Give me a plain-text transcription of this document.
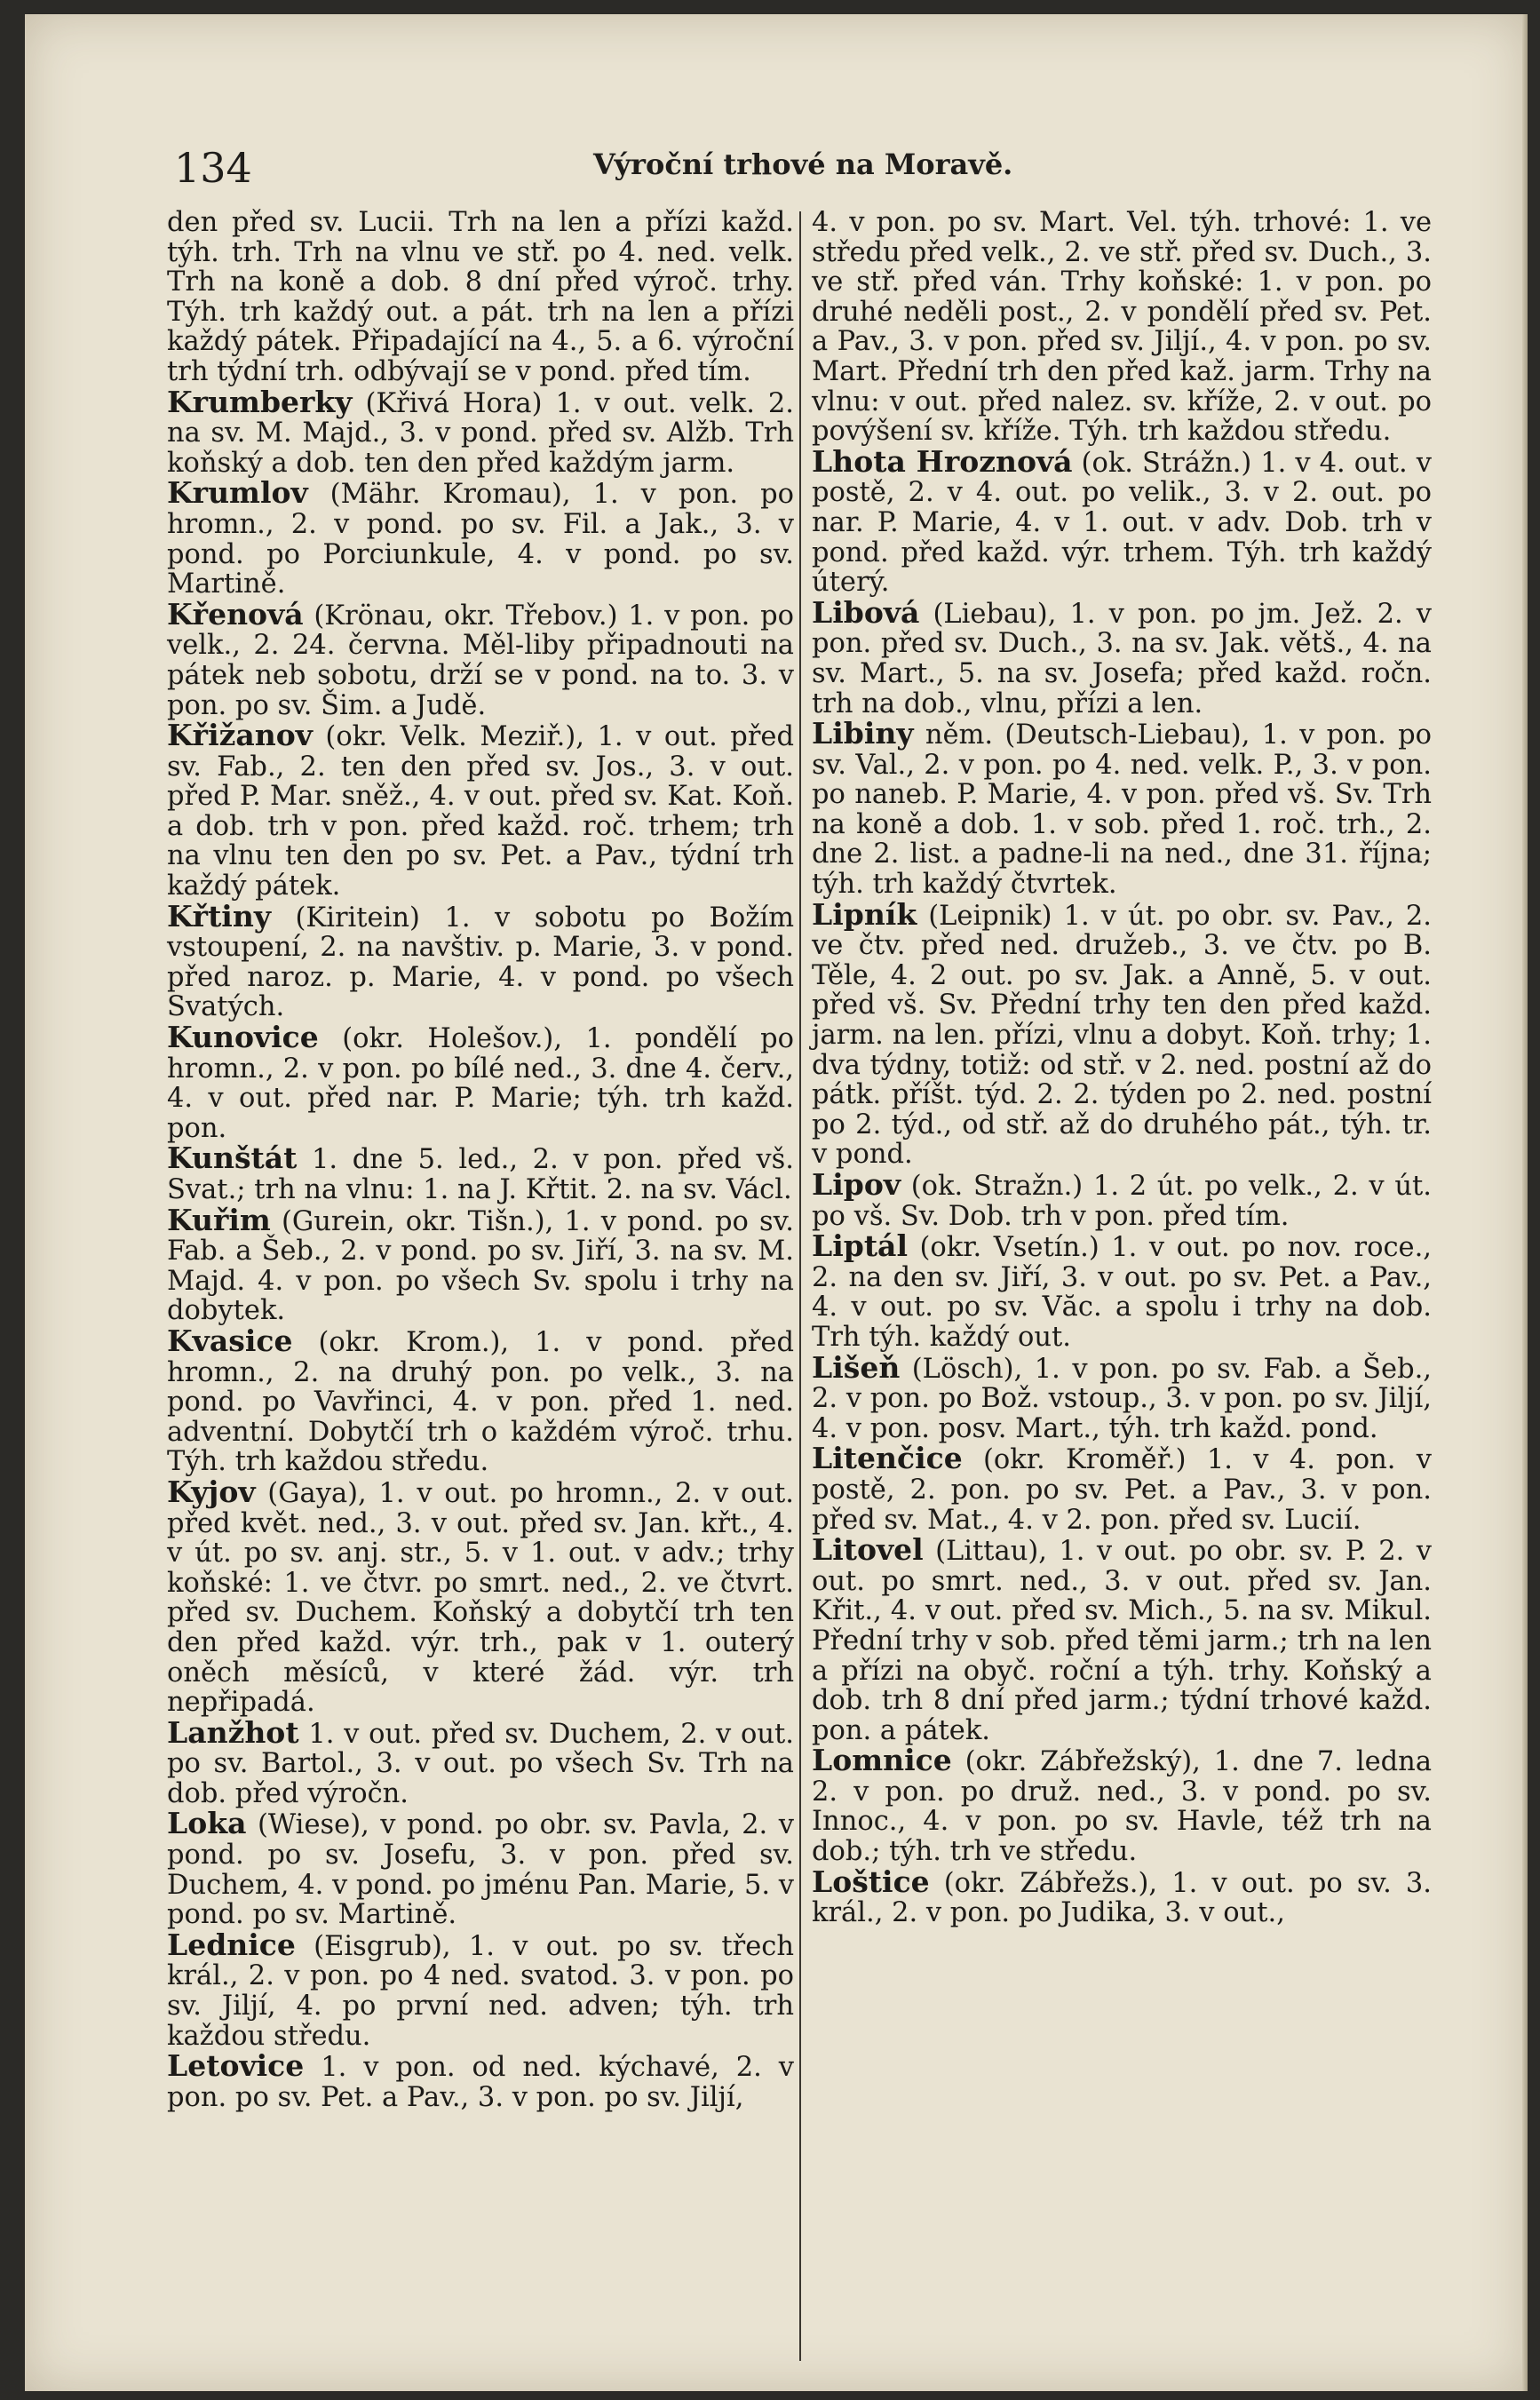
134	Výroční trhové na Moravě.

den před sv. Lucii. Trh na len a přízi každ. týh. trh. Trh na vlnu ve stř. po 4. ned. velk. Trh na koně a dob. 8 dní před výroč. trhy. Týh. trh každý out. a pát. trh na len a přízi každý pátek. Připadající na 4., 5. a 6. výroční trh týdní trh. odbývají se v pond. před tím.

Krumberky (Křivá Hora) 1. v out. velk. 2. na sv. M. Majd., 3. v pond. před sv. Alžb. Trh koňský a dob. ten den před každým jarm.

Krumlov (Mähr. Kromau), 1. v pon. po hromn., 2. v pond. po sv. Fil. a Jak., 3. v pond. po Porciunkule, 4. v pond. po sv. Martině.

Křenová (Krönau, okr. Třebov.) 1. v pon. po velk., 2. 24. června. Měl-liby připadnouti na pátek neb sobotu, drží se v pond. na to. 3. v pon. po sv. Šim. a Judě.

Křižanov (okr. Velk. Meziř.), 1. v out. před sv. Fab., 2. ten den před sv. Jos., 3. v out. před P. Mar. sněž., 4. v out. před sv. Kat. Koň. a dob. trh v pon. před každ. roč. trhem; trh na vlnu ten den po sv. Pet. a Pav., týdní trh každý pátek.

Křtiny (Kiritein) 1. v sobotu po Božím vstoupení, 2. na navštiv. p. Marie, 3. v pond. před naroz. p. Marie, 4. v pond. po všech Svatých.

Kunovice (okr. Holešov.), 1. pondělí po hromn., 2. v pon. po bílé ned., 3. dne 4. červ., 4. v out. před nar. P. Marie; týh. trh každ. pon.

Kunštát 1. dne 5. led., 2. v pon. před vš. Svat.; trh na vlnu: 1. na J. Křtit. 2. na sv. Václ.

Kuřim (Gurein, okr. Tišn.), 1. v pond. po sv. Fab. a Šeb., 2. v pond. po sv. Jiří, 3. na sv. M. Majd. 4. v pon. po všech Sv. spolu i trhy na dobytek.

Kvasice (okr. Krom.), 1. v pond. před hromn., 2. na druhý pon. po velk., 3. na pond. po Vavřinci, 4. v pon. před 1. ned. adventní. Dobytčí trh o každém výroč. trhu. Týh. trh každou středu.

Kyjov (Gaya), 1. v out. po hromn., 2. v out. před květ. ned., 3. v out. před sv. Jan. křt., 4. v út. po sv. anj. str., 5. v 1. out. v adv.; trhy koňské: 1. ve čtvr. po smrt. ned., 2. ve čtvrt. před sv. Duchem. Koňský a dobytčí trh ten den před každ. výr. trh., pak v 1. outerý oněch měsíců, v které žád. výr. trh nepřipadá.

Lanžhot 1. v out. před sv. Duchem, 2. v out. po sv. Bartol., 3. v out. po všech Sv. Trh na dob. před výročn.

Loka (Wiese), v pond. po obr. sv. Pavla, 2. v pond. po sv. Josefu, 3. v pon. před sv. Duchem, 4. v pond. po jménu Pan. Marie, 5. v pond. po sv. Martině.

Lednice (Eisgrub), 1. v out. po sv. třech král., 2. v pon. po 4 ned. svatod. 3. v pon. po sv. Jiljí, 4. po první ned. adven; týh. trh každou středu.

Letovice 1. v pon. od ned. kýchavé, 2. v pon. po sv. Pet. a Pav., 3. v pon. po sv. Jiljí,

4. v pon. po sv. Mart. Vel. týh. trhové: 1. ve středu před velk., 2. ve stř. před sv. Duch., 3. ve stř. před ván. Trhy koňské: 1. v pon. po druhé neděli post., 2. v pondělí před sv. Pet. a Pav., 3. v pon. před sv. Jiljí., 4. v pon. po sv. Mart. Přední trh den před kaž. jarm. Trhy na vlnu: v out. před nalez. sv. kříže, 2. v out. po povýšení sv. kříže. Týh. trh každou středu.

Lhota Hroznová (ok. Strážn.) 1. v 4. out. v postě, 2. v 4. out. po velik., 3. v 2. out. po nar. P. Marie, 4. v 1. out. v adv. Dob. trh v pond. před každ. výr. trhem. Týh. trh každý úterý.

Libová (Liebau), 1. v pon. po jm. Jež. 2. v pon. před sv. Duch., 3. na sv. Jak. větš., 4. na sv. Mart., 5. na sv. Josefa; před každ. ročn. trh na dob., vlnu, přízi a len.

Libiny něm. (Deutsch-Liebau), 1. v pon. po sv. Val., 2. v pon. po 4. ned. velk. P., 3. v pon. po naneb. P. Marie, 4. v pon. před vš. Sv. Trh na koně a dob. 1. v sob. před 1. roč. trh., 2. dne 2. list. a padne-li na ned., dne 31. října; týh. trh každý čtvrtek.

Lipník (Leipnik) 1. v út. po obr. sv. Pav., 2. ve čtv. před ned. družeb., 3. ve čtv. po B. Těle, 4. 2 out. po sv. Jak. a Anně, 5. v out. před vš. Sv. Přední trhy ten den před každ. jarm. na len. přízi, vlnu a dobyt. Koň. trhy; 1. dva týdny, totiž: od stř. v 2. ned. postní až do pátk. příšt. týd. 2. 2. týden po 2. ned. postní po 2. týd., od stř. až do druhého pát., týh. tr. v pond.

Lipov (ok. Stražn.) 1. 2 út. po velk., 2. v út. po vš. Sv. Dob. trh v pon. před tím.

Liptál (okr. Vsetín.) 1. v out. po nov. roce., 2. na den sv. Jiří, 3. v out. po sv. Pet. a Pav., 4. v out. po sv. Văc. a spolu i trhy na dob. Trh týh. každý out.

Lišeň (Lösch), 1. v pon. po sv. Fab. a Šeb., 2. v pon. po Bož. vstoup., 3. v pon. po sv. Jiljí, 4. v pon. posv. Mart., týh. trh každ. pond.

Litenčice (okr. Kroměř.) 1. v 4. pon. v postě, 2. pon. po sv. Pet. a Pav., 3. v pon. před sv. Mat., 4. v 2. pon. před sv. Lucií.

Litovel (Littau), 1. v out. po obr. sv. P. 2. v out. po smrt. ned., 3. v out. před sv. Jan. Křit., 4. v out. před sv. Mich., 5. na sv. Mikul. Přední trhy v sob. před těmi jarm.; trh na len a přízi na obyč. roční a týh. trhy. Koňský a dob. trh 8 dní před jarm.; týdní trhové každ. pon. a pátek.

Lomnice (okr. Zábřežský), 1. dne 7. ledna 2. v pon. po druž. ned., 3. v pond. po sv. Innoc., 4. v pon. po sv. Havle, též trh na dob.; týh. trh ve středu.

Loštice (okr. Zábřežs.), 1. v out. po sv. 3. král., 2. v pon. po Judika, 3. v out.,
